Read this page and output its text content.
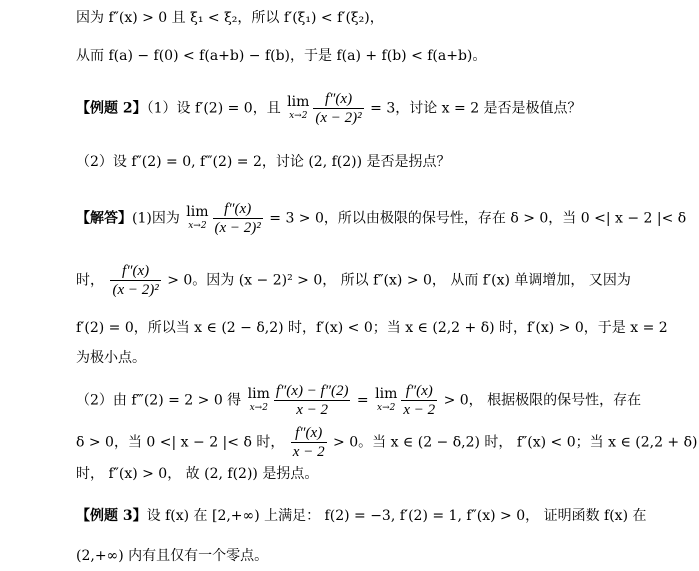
因为 f″(x) > 0 且 ξ₁ < ξ₂，所以 f′(ξ₁) < f′(ξ₂)，
从而 f(a) − f(0) < f(a+b) − f(b)，于是 f(a) + f(b) < f(a+b)。
【例题 2】（1）设 f′(2) = 0，且 lim
$x\to 2 \frac{f''(x)}{\text{(x − 2)²}} = 3$，讨论 x = 2 是否是极值点？
（2）设 f″(2) = 0, f‴(2) = 2，讨论 (2, f(2)) 是否是拐点？
【解答】(1)因为 lim
$x\to 2 \frac{f''(x)}{\text{(x − 2)²}} = 3 > 0$，所以由极限的保号性，存在 δ > 0，当 0 <| x − 2 |< δ
时， $\frac{f''(x)}{\text{(x − 2)²}} > 0$。因为 (x − 2)² > 0， 所以 f″(x) > 0， 从而 f′(x) 单调增加， 又因为
f′(2) = 0，所以当 x ∈ (2 − δ,2) 时，f′(x) < 0；当 x ∈ (2,2 + δ) 时，f′(x) > 0，于是 x = 2
为极小点。
（2）由 f‴(2) = 2 > 0 得 lim
$x\to 2 \frac{f''(x) - f''(2)}{x - 2} = \lim$
$x\to 2 \frac{f''(x)}{x - 2} > 0$， 根据极限的保号性，存在
δ > 0，当 0 <| x − 2 |< δ 时， $\frac{f''(x)}{x - 2} > 0$。当 x ∈ (2 − δ,2) 时， f″(x) < 0；当 x ∈ (2,2 + δ)
时， f″(x) > 0， 故 (2, f(2)) 是拐点。
【例题 3】设 f(x) 在 [2,+∞) 上满足： f(2) = −3, f′(2) = 1, f″(x) > 0， 证明函数 f(x) 在
(2,+∞) 内有且仅有一个零点。
